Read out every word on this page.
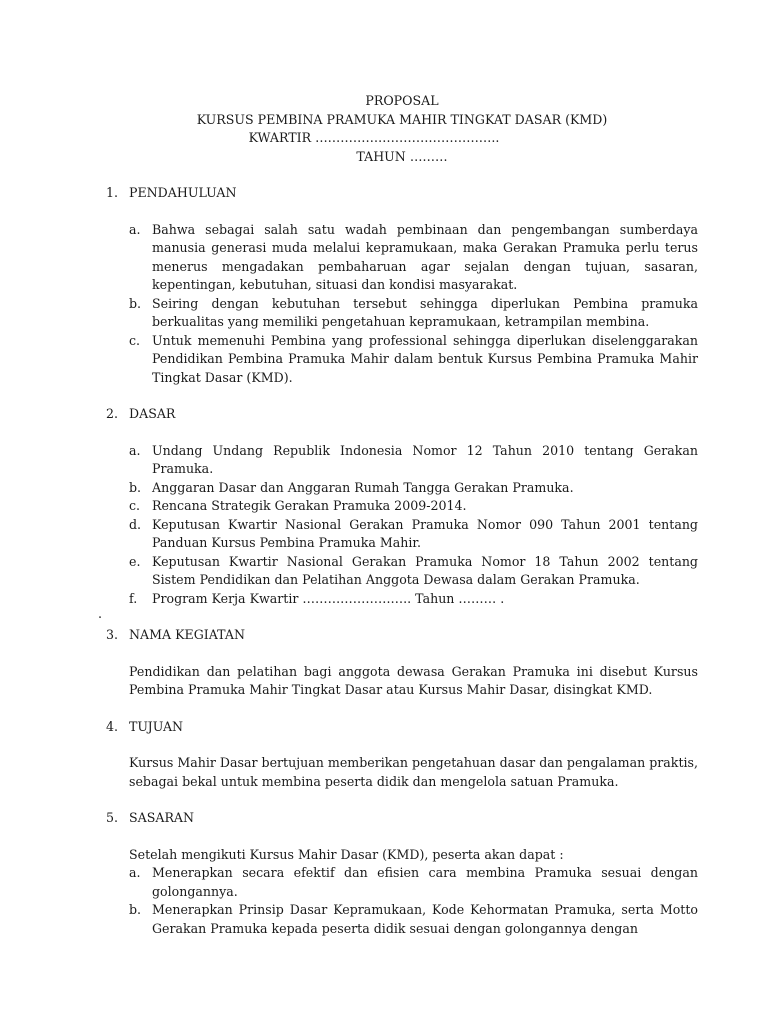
PROPOSAL
KURSUS PEMBINA PRAMUKA MAHIR TINGKAT DASAR (KMD)
KWARTIR ……………………………………..
TAHUN ………
1. PENDAHULUAN
a. Bahwa sebagai salah satu wadah pembinaan dan pengembangan sumberdaya manusia generasi muda melalui kepramukaan, maka Gerakan Pramuka perlu terus menerus mengadakan pembaharuan agar sejalan dengan tujuan, sasaran, kepentingan, kebutuhan, situasi dan kondisi masyarakat.
b. Seiring dengan kebutuhan tersebut sehingga diperlukan Pembina pramuka berkualitas yang memiliki pengetahuan kepramukaan, ketrampilan membina.
c. Untuk memenuhi Pembina yang professional sehingga diperlukan diselenggarakan Pendidikan Pembina Pramuka Mahir dalam bentuk Kursus Pembina Pramuka Mahir Tingkat Dasar (KMD).
2. DASAR
a. Undang Undang Republik Indonesia Nomor 12 Tahun 2010 tentang Gerakan Pramuka.
b. Anggaran Dasar dan Anggaran Rumah Tangga Gerakan Pramuka.
c. Rencana Strategik Gerakan Pramuka 2009-2014.
d. Keputusan Kwartir Nasional Gerakan Pramuka Nomor 090 Tahun 2001 tentang Panduan Kursus Pembina Pramuka Mahir.
e. Keputusan Kwartir Nasional Gerakan Pramuka Nomor 18 Tahun 2002 tentang Sistem Pendidikan dan Pelatihan Anggota Dewasa dalam Gerakan Pramuka.
f.	Program Kerja Kwartir …………………….. Tahun ……… .
.
3. NAMA KEGIATAN
Pendidikan dan pelatihan bagi anggota dewasa Gerakan Pramuka ini disebut Kursus Pembina Pramuka Mahir Tingkat Dasar atau Kursus Mahir Dasar, disingkat KMD.
4. TUJUAN
Kursus Mahir Dasar bertujuan memberikan pengetahuan dasar dan pengalaman praktis, sebagai bekal untuk membina peserta didik dan mengelola satuan Pramuka.
5. SASARAN
Setelah mengikuti Kursus Mahir Dasar (KMD), peserta akan dapat :
a. Menerapkan secara efektif dan efisien cara membina Pramuka sesuai dengan golongannya.
b. Menerapkan Prinsip Dasar Kepramukaan, Kode Kehormatan Pramuka, serta Motto Gerakan Pramuka kepada peserta didik sesuai dengan golongannya dengan
